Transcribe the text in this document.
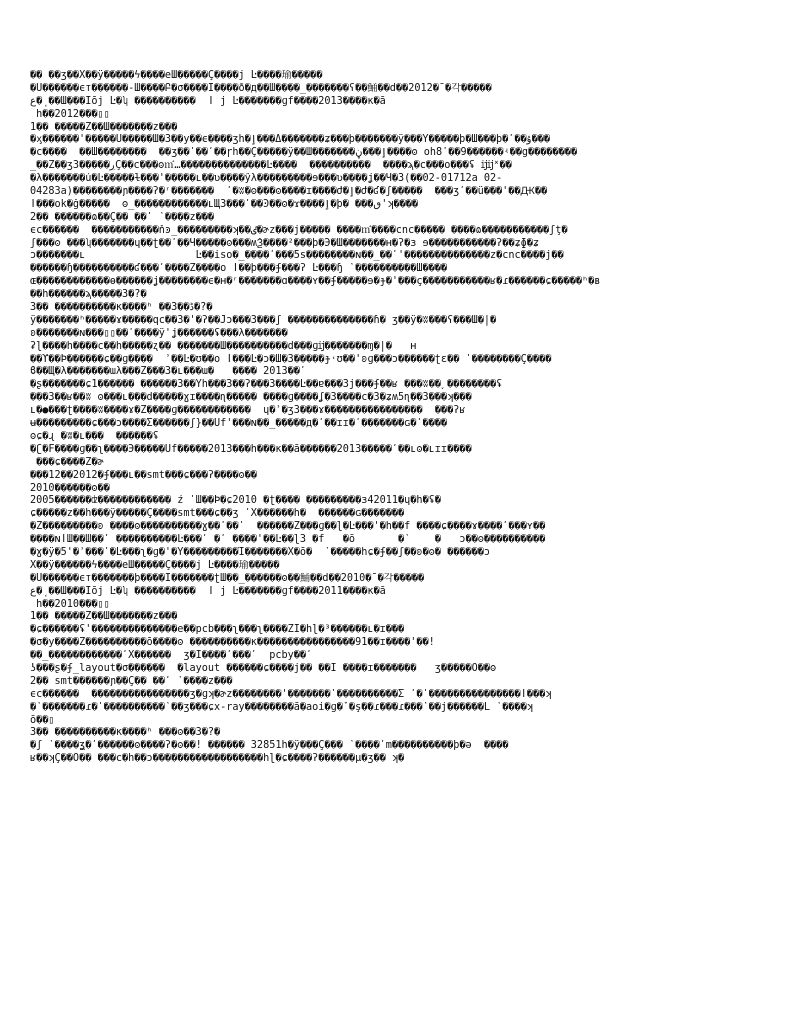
�� ��ʒ��X��ÿ�����ϟ����eШ�����Ç����j Ŀ����瑜�����
�Ü������ϵт������-Ш����Բ�σ����Ï����ð�д��Ш����_�������ʕ��鯒��d��2012�ˉ�각�����
ع�ܴ ��Ш���Īōj Ŀ�ʮ ����������  ǀ j Ŀ�������ɡf����2013����κ�ā
h��2012���▯▯
1�� �����Z��Ш�������z���
�ӽ������'�����Ü�����Ш�3��y��ϵ����ʒh�ٳ���Δ�������ʑ���þ�������ÿ���Ÿ�����þ�Ш���þ�ʹ��ۇ���
�ϲ����  ��Ш��������  ��ʒ��ʹ��ʹ��ɼh��Ç�����ÿ��Ш�������ٳ���ڼ����ʘ oh8ʹ��9������ʵ��g��������
_��Z��ʒ3�����ڔÇ��ϲ���ʘ㎡…��������������Ŀ����  ����������  ����ϡ�ϲ���o���ʢ ĳĳ˟��
�λ�������ú�Ŀ�����ɫ���'�����ʟ��ʋ����ŷλ���������ɘ���ʋ����ʝ��Ч�3(��02-01712a 02-
04283a)��������ɲ����ʔ�ʳ�������  ʹ�ʬ�ʘ���ʘ����ɪ����Ժ�ٳ�Ժ�ʛ�ʃ�����  ���ʒʹ��ü���'��Ԫ��
ǀ���οk�ǧ�����  ʘ_������������ʟЩ3���ʹ��Ͽ��ʘ�ϫ����ٳ�ϸ� ���ٯ'ʞ����
2�� ������ɷ��Ç�� ��ʹ ʽ����z���
ϵϲ������  �����������ňͽ_���������ʞ��ٸ�ɚz���j����� ����㎡����cnc����� ����ɷ�����������ʃţ�
ʃ���ʘ ���ʮ�������ɥ��ʈ��ʹ��Ч�����ʘ���ʍѮ����²���þ�Э�Ш�������ʜ�ʔ�ɜ ɘ�����������ʔ��ʑɸ�ʑ
ɔ�������ʟ                  Ŀ��iso�_����ʹ���5s��������ɴ��_��ʹ'��������������z�cnc����j��
������ɧ����������ʛ���ʹ����Z����o ǀ��þ���ʄ���ʔ Ŀ���ɧ ʽ����������Ш����
ɶ������������ɵ������ʝ��������ϵ�ʜ�ʳ�������ɑ����ʏ��ʄ�����ɘ�ɟ�'���ç�����������ʁ�ɾ������ɕ�����ʰ�ʙ
��h������ϡ�����3�?�
3�� ����������κ����ʰ ��ڈ��3�?�
ÿ�������ʰ�����ɤ�����qc��3�'�ʔ��Јɔ���3���ʃ ��������������ɦ� ʒ��ÿ�ʬ���ʕ���Ш�|�
ʚ�������ɴ���▯▯��ʹ����ÿ'ʝ������ʢ���λ�������
ʡɭ����h����ϲ��h�����ʐ�� �������Ш����������d���ɡĳ�������ɱ�|�   ʜ
��ϒ��Þ������ɕ��ɡ����  ʾ��Ŀ�ʊ��o ǀ���Ŀ�ɔ�Ш�3�����ɟ˓ʊ��'ʚɡ���ɔ������ʈɛ�� ʹ��������Ç����
ϐ��Щ�λ�������ɯλ���Z���3�ʟ���ɯ�   ���� 2013��ʹ
�ʂ�������ɕ1������ ������3��Ÿh���3��ʔ���3����Ŀ��ɐ���3j���ʄ��ʁ ���ʬ��˯��������ʢ
���3��ʁ��ʬ ʘ���ʟ���d�����ɣɪ����ɳ����� ����ɡ����ʆ�3����c�3�ʑʍ5ɳ��3���ʞ���
ʟ�●���ʈ����ʬ����ɤ�Z����ɡ������������  ɥ�ʾ�ʒ3���ɤ����������������  ���ʔʁ
ʉ���������ɕ���ɔ����Σ������ʃ}��Ŭf'���ɴ��_�����д�ʹ��ɪɪ�ʹ�������ɢ�ʹ����
ʘɕ�ɻ �ʬ�ʟ���  ������ʢ
�ʗ�Ϝ����ɡ��ʅ����Э�����Ŭf�����2013���h���κ��ā������2013�����ʹ��ʟʘ�ʟɪɪ����
���ɕ����Z�ɚ
���12��2012�ʄ���ʟ��smt���ɕ���ʔ����ʘ��
2010������ʘ��
2005������ʣ������������ ź ʹШ��Þ�ɕ2010 �ʈ���� ���������ɜ42011�ɥ�h�ʢ�
ɕ�����z��h���ÿ�����Ç����smt���ɕ��ʒ ʹX������h�  ������ɢ�������
�Z���������ʚ ����ʘ����������ɣ��ʹ��ʹ  ������Z���ɡ��ɭ�Ŀ���'�h��f ����ɕ����ɤ����ʹ���ʏ��
����ɴǀШ��Ш��ʹ ����������Ŀ���ʹ �ʹ ����'��Ŀ��ɭ3 �f   �ō       �ʽ    �   ɔ��ʘ����������
�ɣ�ÿ�5'�ʾ���ʹ�Ŀ���ʅ�ɡ�'�Ϋ���������Ί�������Χ�ō�  ʽ�����hɕ�ʄ��ʃ��ʚ�ʘ� ������ɔ
X��ÿ������ϟ����eШ�����Ç����j Ŀ����瑜�����
�Ü������ϵт�������þ����Ï�������ʈШ��_������ʘ��鯒��d��2010�ˉ�각�����
ع�ܴ ��Ш���Īōj Ŀ�ʮ ����������  ǀ j Ŀ�������ɡf����2011����κ�ā
h��2010���▯▯
1�� �����Z��Ш�������z���
�ɕ������ʢ'��������������e��pcb���ʅ���ʅ����ZÍ�hɭ�³������ʟ�ɪ���
�σ�y����Z����������ō����ʘ ����������κ����������������91��ɪ����'��!
��_������������ʹX������  ʒ�Ï����ʹ���ʹ  pcby��ʹ
ʖ���ʂ�ʄ_layout�σ������  �layout ������ɕ����j�� ��Í ����ɪ�������   ʒ�����Ö��ʘ
2�� smt������ɲ��Ç�� ��ʹ ʽ����z���
ϵϲ������  ����������������ʒ�ɡʞ�ɚz��������'�������ʹ����������Ʃ ʹ�ʹ���������������ǀ���ʞ
�ʽ�������ɾ�ʹ����������ʽ��ʒ���ɕx-ray��������ā�aoi�ɡ�ˇ�ş��ɾ���ɾ���ʽ��j������Ĺ ʽ����ʞ
ō��▯
3�� ����������κ����ʰ ���ʘ��3�?�
�ʃ ʽ����ʓ�ʹ������ʘ����ʔ�ʘ��! ������ 32851h�ÿ���Ç��� ʽ����ʹm����������þ�ə  ����
ʁ��ʞÇ��Ö�� ���c�h��ɔ������������������hɭ�ɕ����ʔ������µ�ʒ�� ʞ�
